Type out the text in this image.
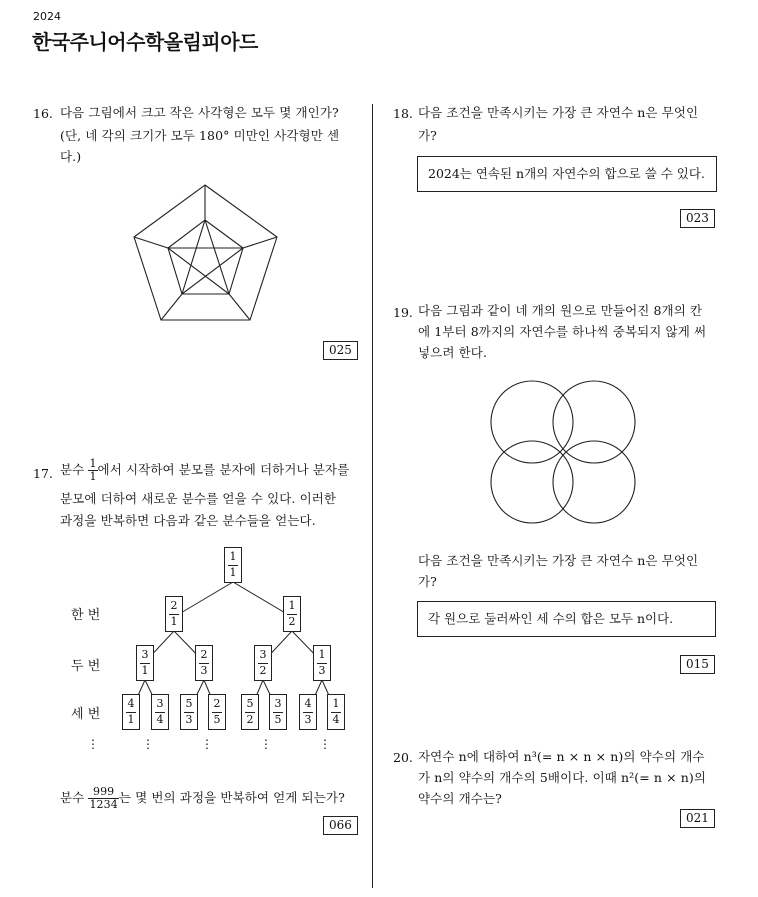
2024
한국주니어수학올림피아드
16. 다음 그림에서 크고 작은 사각형은 모두 몇 개인가?
(단, 네 각의 크기가 모두 180° 미만인 사각형만 센
다.)
025
17. 분수 $\frac{1}{1}$ 에서 시작하여 분모를 분자에 더하거나 분자를
분모에 더하여 새로운 분수를 얻을 수 있다. 이러한
과정을 반복하면 다음과 같은 분수들을 얻는다.
한 번
두 번
세 번
1
1
2
1
1
2
3
1
2
3
3
2
1
3
4
1
3
4
5
3
2
5
5
2
3
5
4
3
1
4
⋮	⋮	⋮	⋮	⋮
분수 $\frac{999}{1234}$ 는 몇 번의 과정을 반복하여 얻게 되는가?
066
18. 다음 조건을 만족시키는 가장 큰 자연수 n은 무엇인
가?
2024는 연속된 n개의 자연수의 합으로 쓸 수 있다.
023
19. 다음 그림과 같이 네 개의 원으로 만들어진 8개의 칸
에 1부터 8까지의 자연수를 하나씩 중복되지 않게 써
넣으려 한다.
다음 조건을 만족시키는 가장 큰 자연수 n은 무엇인
가?
각 원으로 둘러싸인 세 수의 합은 모두 n이다.
015
20. 자연수 n에 대하여 n³(= n × n × n)의 약수의 개수
가 n의 약수의 개수의 5배이다. 이때 n²(= n × n)의
약수의 개수는?
021
